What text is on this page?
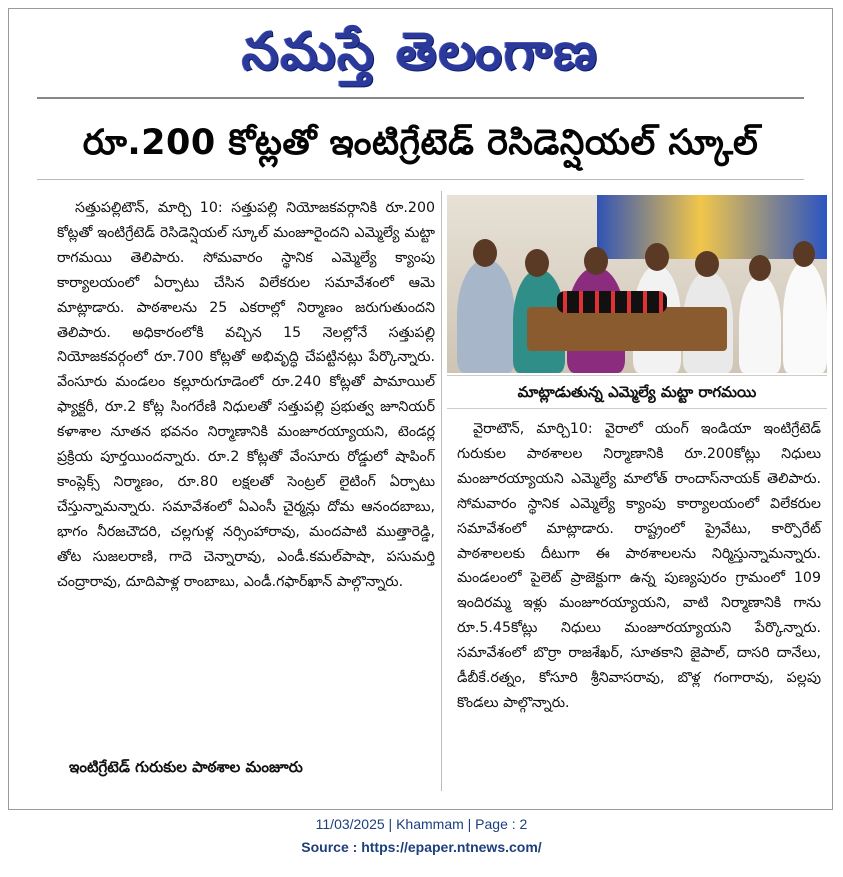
నమస్తే తెలంగాణ
రూ.200 కోట్లతో ఇంటిగ్రేటెడ్ రెసిడెన్షియల్ స్కూల్

సత్తుపల్లిటౌన్, మార్చి 10: సత్తుపల్లి నియోజకవర్గానికి రూ.200 కోట్లతో ఇంటిగ్రేటెడ్ రెసిడెన్షియల్ స్కూల్ మంజూరైందని ఎమ్మెల్యే మట్టా రాగమయి తెలిపారు. సోమవారం స్థానిక ఎమ్మెల్యే క్యాంపు కార్యాలయంలో ఏర్పాటు చేసిన విలేకరుల సమావేశంలో ఆమె మాట్లాడారు. పాఠశాలను 25 ఎకరాల్లో నిర్మాణం జరుగుతుందని తెలిపారు. అధికారంలోకి వచ్చిన 15 నెలల్లోనే సత్తుపల్లి నియోజకవర్గంలో రూ.700 కోట్లతో అభివృద్ధి చేపట్టినట్లు పేర్కొన్నారు. వేంసూరు మండలం కల్లూరుగూడెంలో రూ.240 కోట్లతో పామాయిల్ ఫ్యాక్టరీ, రూ.2 కోట్ల సింగరేణి నిధులతో సత్తుపల్లి ప్రభుత్వ జూనియర్ కళాశాల నూతన భవనం నిర్మాణానికి మంజూరయ్యాయని, టెండర్ల ప్రక్రియ పూర్తయిందన్నారు. రూ.2 కోట్లతో వేంసూరు రోడ్డులో షాపింగ్ కాంప్లెక్స్ నిర్మాణం, రూ.80 లక్షలతో సెంట్రల్ లైటింగ్ ఏర్పాటు చేస్తున్నామన్నారు. సమావేశంలో ఏఎంసీ చైర్మన్లు దోమ ఆనందబాబు, భాగం నీరజచౌదరి, చల్లగుళ్ల నర్సింహారావు, మందపాటి ముత్తారెడ్డి, తోట సుజలరాణి, గాదె చెన్నారావు, ఎండీ.కమల్‌పాషా, పసుమర్తి చంద్రారావు, దూదిపాళ్ల రాంబాబు, ఎండీ.గఫార్‌ఖాన్ పాల్గొన్నారు.

ఇంటిగ్రేటెడ్ గురుకుల పాఠశాల మంజూరు
మాట్లాడుతున్న ఎమ్మెల్యే మట్టా రాగమయి

వైరాటౌన్, మార్చి10: వైరాలో యంగ్ ఇండియా ఇంటిగ్రేటెడ్ గురుకుల పాఠశాలల నిర్మాణానికి రూ.200కోట్లు నిధులు మంజూరయ్యాయని ఎమ్మెల్యే మాలోత్ రాందాస్‌నాయక్ తెలిపారు. సోమవారం స్థానిక ఎమ్మెల్యే క్యాంపు కార్యాలయంలో విలేకరుల సమావేశంలో మాట్లాడారు. రాష్ట్రంలో ప్రైవేటు, కార్పొరేట్ పాఠశాలలకు దీటుగా ఈ పాఠశాలలను నిర్మిస్తున్నామన్నారు. మండలంలో పైలెట్ ప్రాజెక్టుగా ఉన్న పుణ్యపురం గ్రామంలో 109 ఇందిరమ్మ ఇళ్లు మంజూరయ్యాయని, వాటి నిర్మాణానికి గాను రూ.5.45కోట్లు నిధులు మంజూరయ్యాయని పేర్కొన్నారు. సమావేశంలో బొర్రా రాజశేఖర్, సూతకాని జైపాల్, దాసరి దానేలు, డీబీకే.రత్నం, కోసూరి శ్రీనివాసరావు, బొళ్ల గంగారావు, పల్లపు కొండలు పాల్గొన్నారు.

11/03/2025 | Khammam | Page : 2
Source : https://epaper.ntnews.com/
